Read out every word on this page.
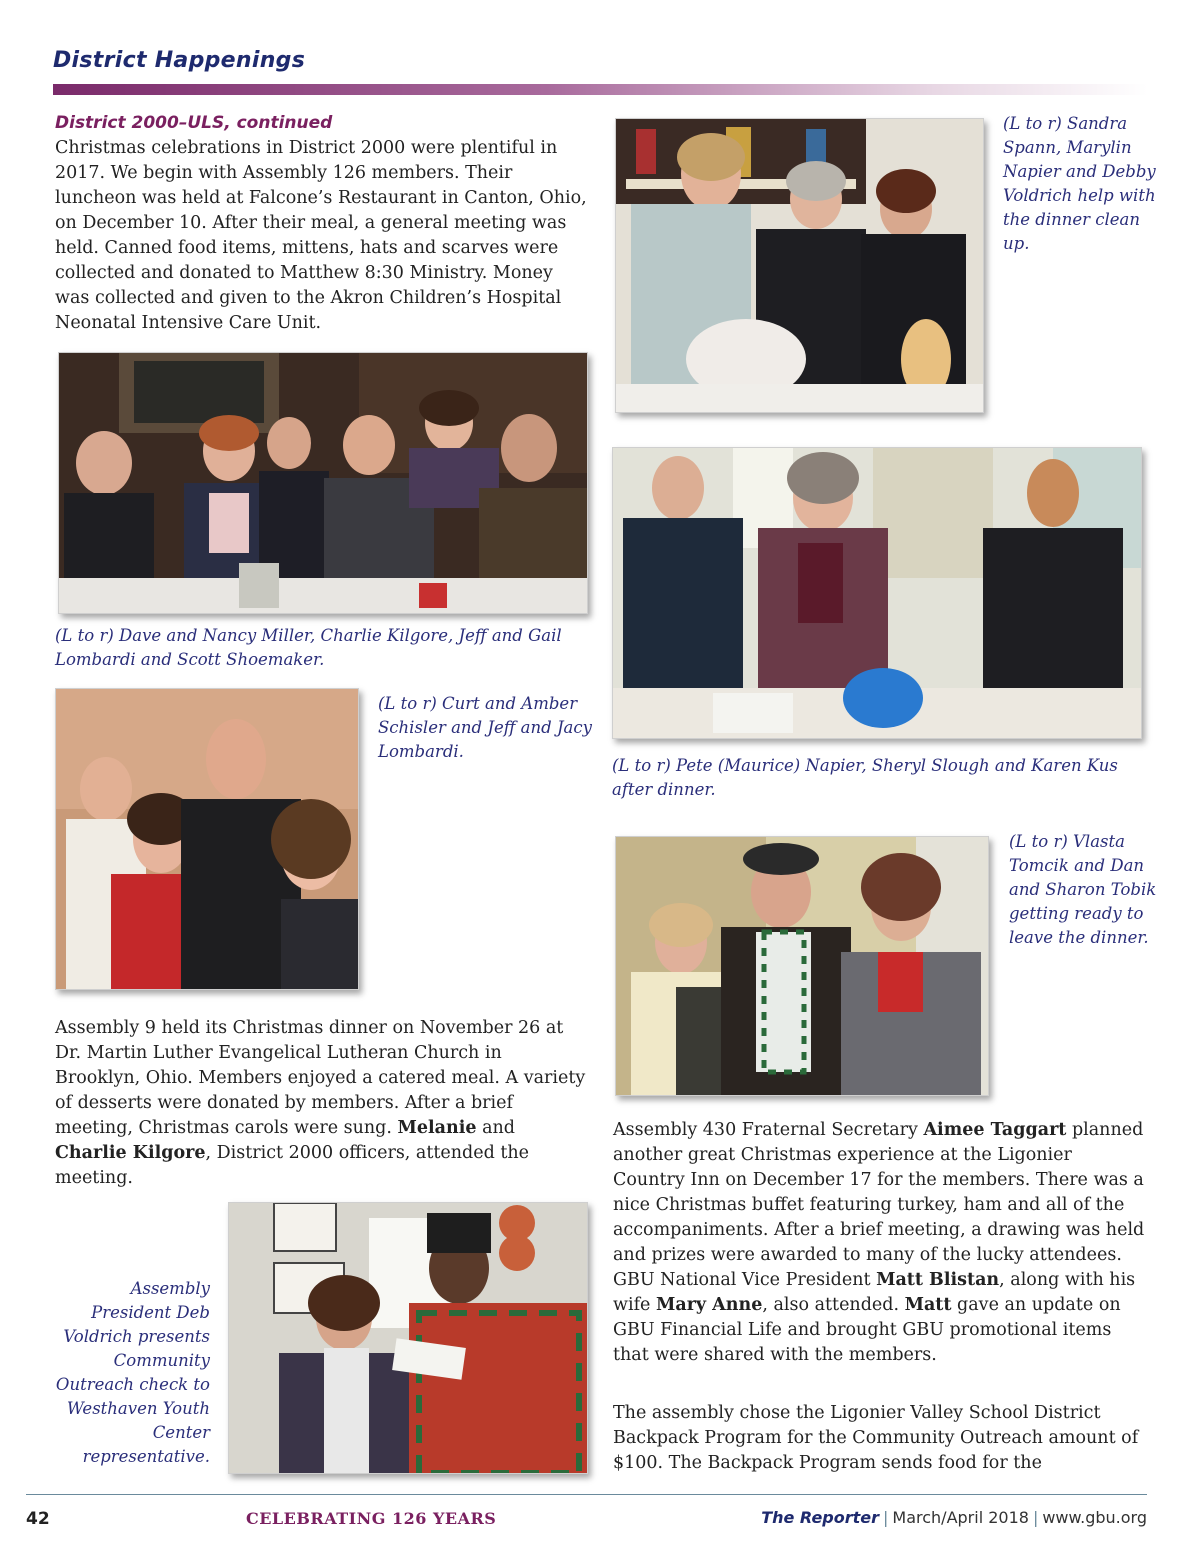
District Happenings
District 2000–ULS, continued

Christmas celebrations in District 2000 were plentiful in 2017. We begin with Assembly 126 members. Their luncheon was held at Falcone’s Restaurant in Canton, Ohio, on December 10. After their meal, a general meeting was held. Canned food items, mittens, hats and scarves were collected and donated to Matthew 8:30 Ministry. Money was collected and given to the Akron Children’s Hospital Neonatal Intensive Care Unit.

(L to r) Dave and Nancy Miller, Charlie Kilgore, Jeff and Gail Lombardi and Scott Shoemaker.

(L to r) Curt and Amber Schisler and Jeff and Jacy Lombardi.

Assembly 9 held its Christmas dinner on November 26 at Dr. Martin Luther Evangelical Lutheran Church in Brooklyn, Ohio. Members enjoyed a catered meal. A variety of desserts were donated by members. After a brief meeting, Christmas carols were sung. Melanie and Charlie Kilgore, District 2000 officers, attended the meeting.

Assembly President Deb Voldrich presents Community Outreach check to Westhaven Youth Center representative.

(L to r) Sandra Spann, Marylin Napier and Debby Voldrich help with the dinner clean up.

(L to r) Pete (Maurice) Napier, Sheryl Slough and Karen Kus after dinner.

(L to r) Vlasta Tomcik and Dan and Sharon Tobik getting ready to leave the dinner.

Assembly 430 Fraternal Secretary Aimee Taggart planned another great Christmas experience at the Ligonier Country Inn on December 17 for the members. There was a nice Christmas buffet featuring turkey, ham and all of the accompaniments. After a brief meeting, a drawing was held and prizes were awarded to many of the lucky attendees. GBU National Vice President Matt Blistan, along with his wife Mary Anne, also attended. Matt gave an update on GBU Financial Life and brought GBU promotional items that were shared with the members.

The assembly chose the Ligonier Valley School District Backpack Program for the Community Outreach amount of $100. The Backpack Program sends food for the

42	CELEBRATING 126 YEARS	The Reporter | March/April 2018 | www.gbu.org
